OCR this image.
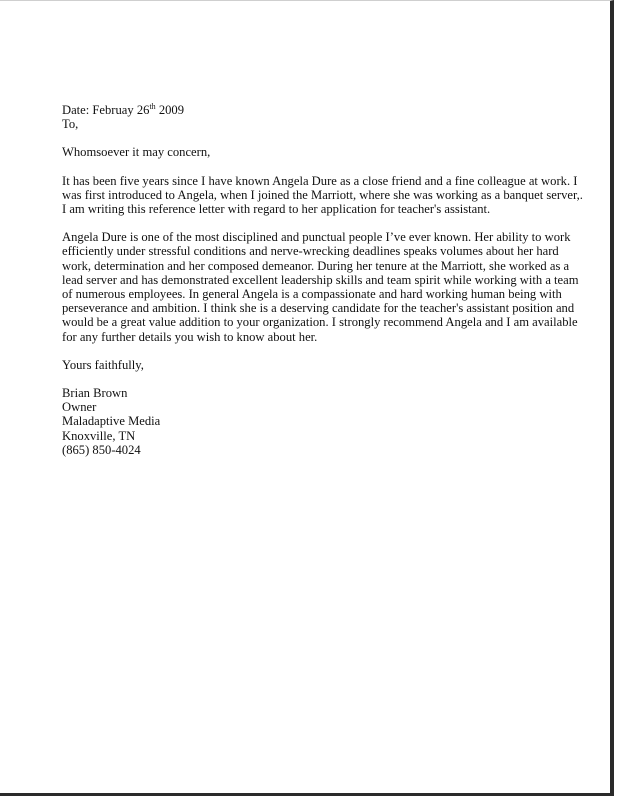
Date: Februay 26th 2009

To,

Whomsoever it may concern,

It has been five years since I have known Angela Dure as a close friend and a fine colleague at work. I
was first introduced to Angela, when I joined the Marriott, where she was working as a banquet server,.
I am writing this reference letter with regard to her application for teacher's assistant.

Angela Dure is one of the most disciplined and punctual people I’ve ever known. Her ability to work
efficiently under stressful conditions and nerve-wrecking deadlines speaks volumes about her hard
work, determination and her composed demeanor. During her tenure at the Marriott, she worked as a
lead server and has demonstrated excellent leadership skills and team spirit while working with a team
of numerous employees. In general Angela is a compassionate and hard working human being with
perseverance and ambition. I think she is a deserving candidate for the teacher's assistant position and
would be a great value addition to your organization. I strongly recommend Angela and I am available
for any further details you wish to know about her.

Yours faithfully,

Brian Brown

Owner

Maladaptive Media

Knoxville, TN

(865) 850-4024
